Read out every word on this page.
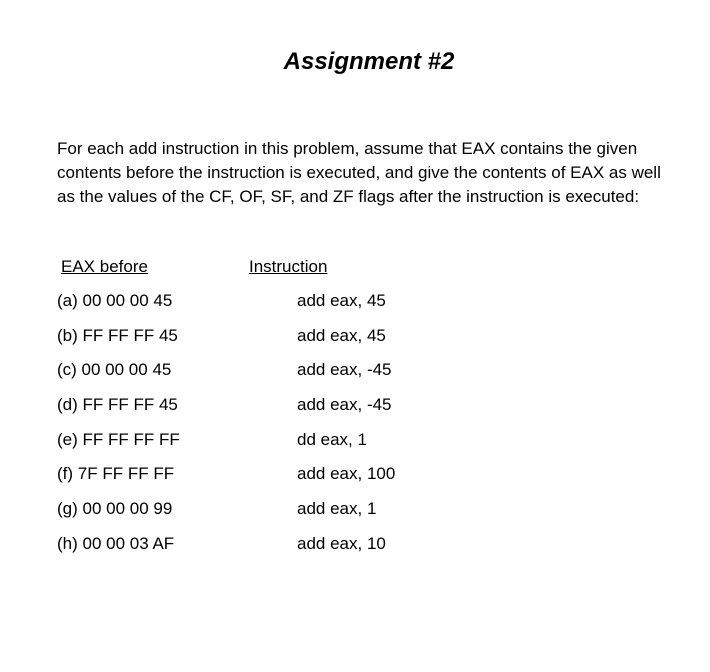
Assignment #2

For each add instruction in this problem, assume that EAX contains the given contents before the instruction is executed, and give the contents of EAX as well as the values of the CF, OF, SF, and ZF flags after the instruction is executed:

EAX before	Instruction
(a) 00 00 00 45	add eax, 45
(b) FF FF FF 45	add eax, 45
(c) 00 00 00 45	add eax, -45
(d) FF FF FF 45	add eax, -45
(e) FF FF FF FF	dd eax, 1
(f) 7F FF FF FF	add eax, 100
(g) 00 00 00 99	add eax, 1
(h) 00 00 03 AF	add eax, 10
